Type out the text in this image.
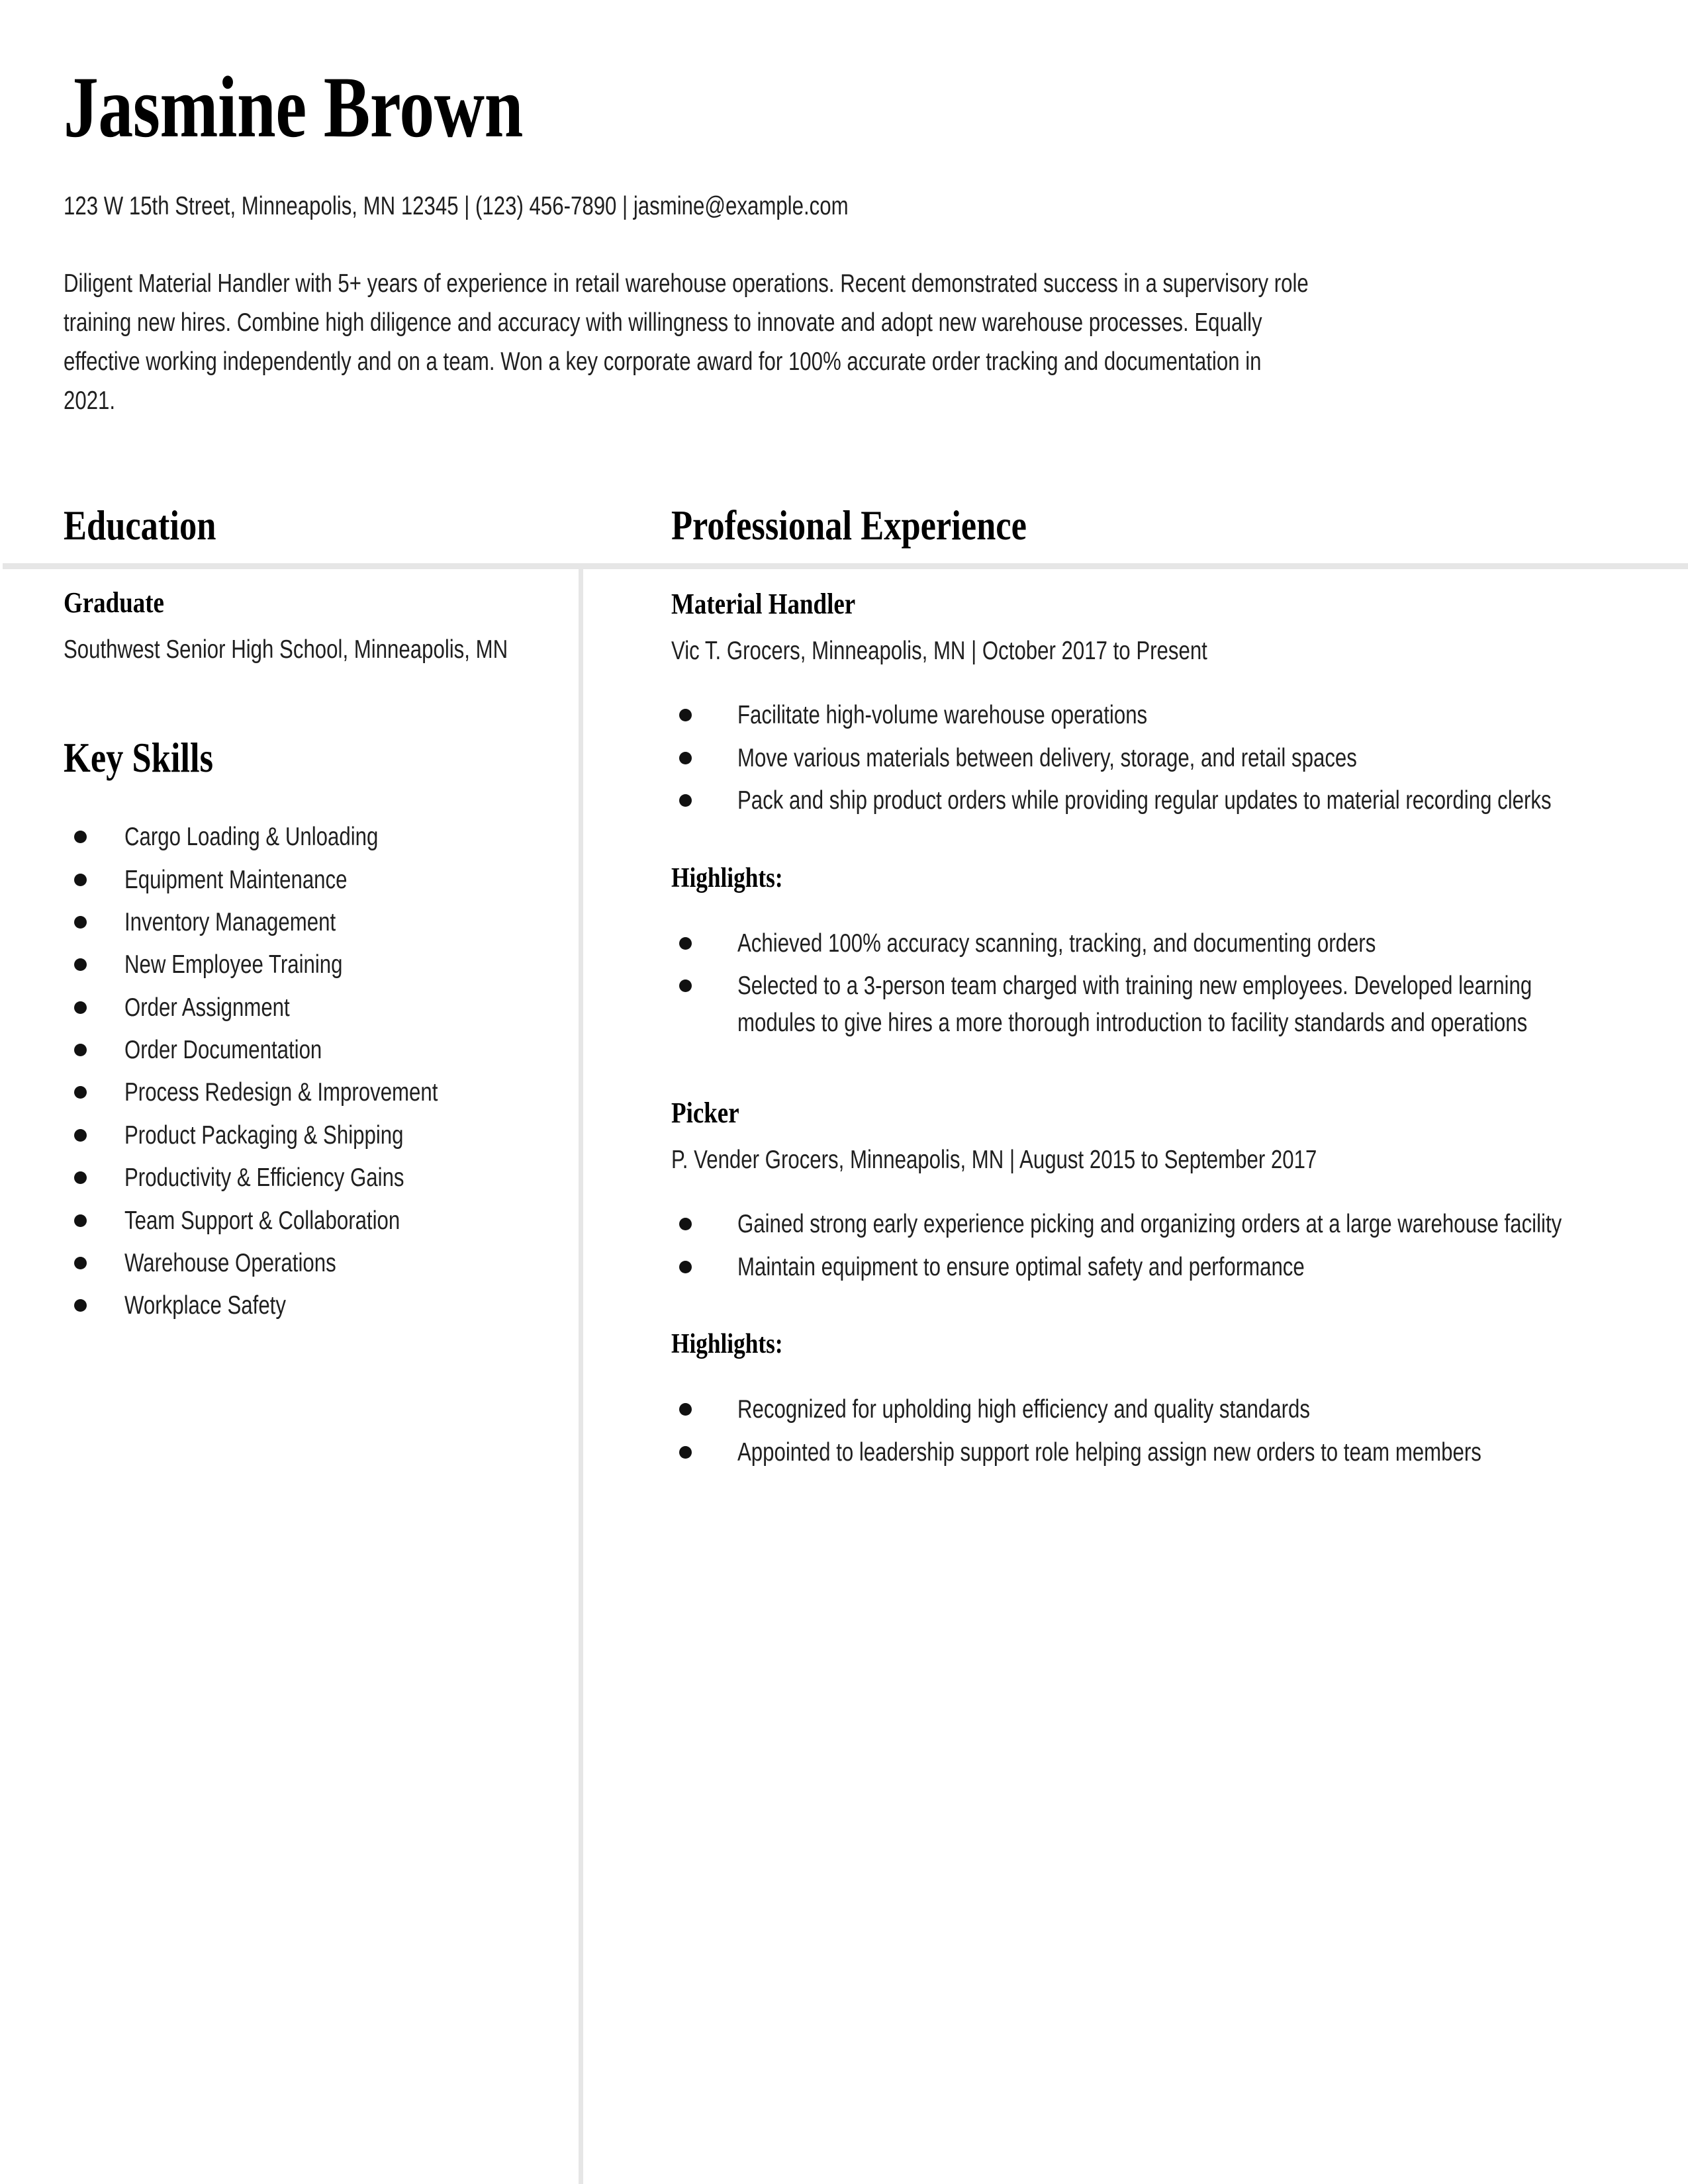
Jasmine Brown
123 W 15th Street, Minneapolis, MN 12345 | (123) 456-7890 | jasmine@example.com
Diligent Material Handler with 5+ years of experience in retail warehouse operations. Recent demonstrated success in a supervisory role training new hires. Combine high diligence and accuracy with willingness to innovate and adopt new warehouse processes. Equally effective working independently and on a team. Won a key corporate award for 100% accurate order tracking and documentation in 2021.
Education
Graduate
Southwest Senior High School, Minneapolis, MN
Key Skills
Cargo Loading & Unloading
Equipment Maintenance
Inventory Management
New Employee Training
Order Assignment
Order Documentation
Process Redesign & Improvement
Product Packaging & Shipping
Productivity & Efficiency Gains
Team Support & Collaboration
Warehouse Operations
Workplace Safety
Professional Experience
Material Handler
Vic T. Grocers, Minneapolis, MN | October 2017 to Present
Facilitate high-volume warehouse operations
Move various materials between delivery, storage, and retail spaces
Pack and ship product orders while providing regular updates to material recording clerks
Highlights:
Achieved 100% accuracy scanning, tracking, and documenting orders
Selected to a 3-person team charged with training new employees. Developed learning modules to give hires a more thorough introduction to facility standards and operations
Picker
P. Vender Grocers, Minneapolis, MN | August 2015 to September 2017
Gained strong early experience picking and organizing orders at a large warehouse facility
Maintain equipment to ensure optimal safety and performance
Highlights:
Recognized for upholding high efficiency and quality standards
Appointed to leadership support role helping assign new orders to team members
